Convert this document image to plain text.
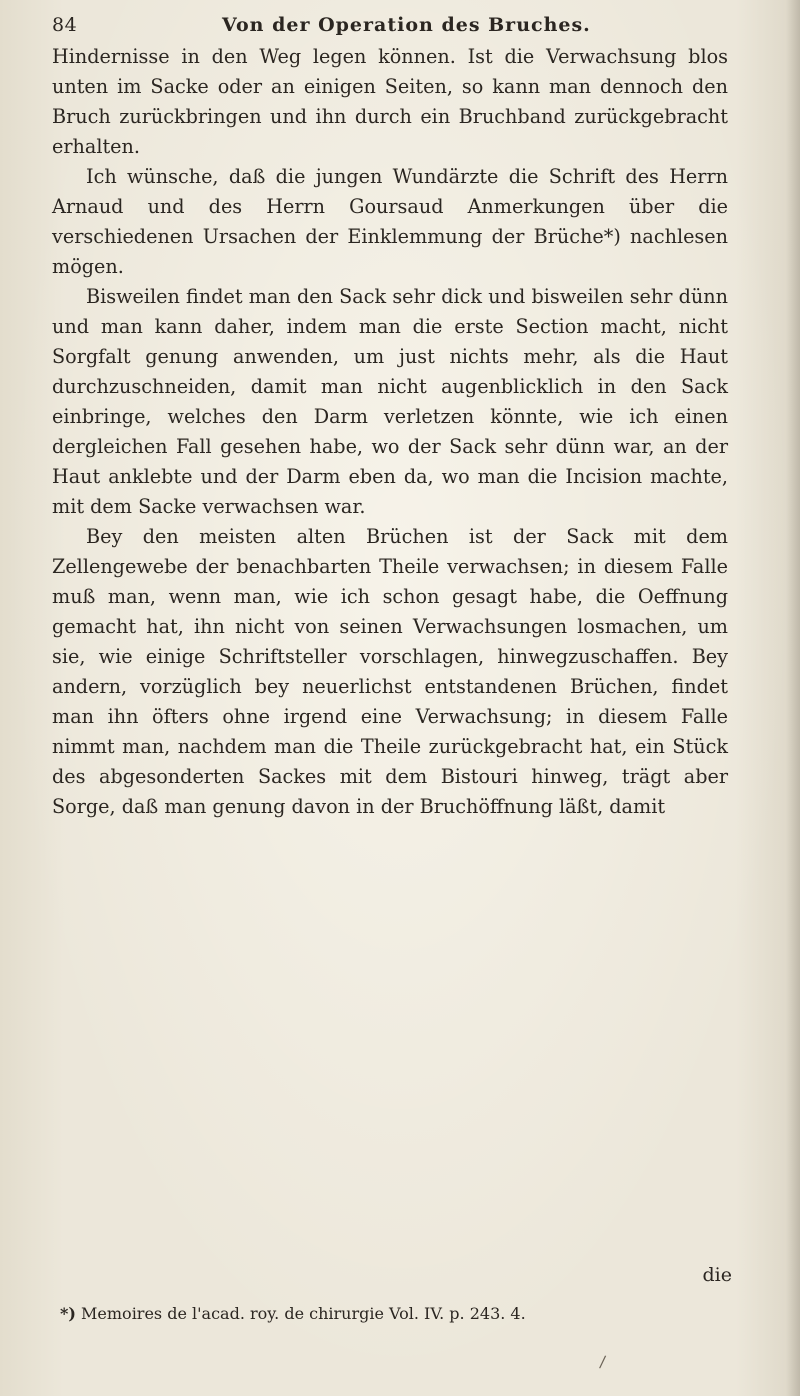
84	Von der Operation des Bruches.

Hindernisse in den Weg legen können. Ist die Verwachsung blos unten im Sacke oder an einigen Seiten, so kann man dennoch den Bruch zurückbringen und ihn durch ein Bruchband zurückgebracht erhalten.

Ich wünsche, daß die jungen Wundärzte die Schrift des Herrn Arnaud und des Herrn Goursaud Anmerkungen über die verschiedenen Ursachen der Einklemmung der Brüche*) nachlesen mögen.

Bisweilen findet man den Sack sehr dick und bisweilen sehr dünn und man kann daher, indem man die erste Section macht, nicht Sorgfalt genung anwenden, um just nichts mehr, als die Haut durchzuschneiden, damit man nicht augenblicklich in den Sack einbringe, welches den Darm verletzen könnte, wie ich einen dergleichen Fall gesehen habe, wo der Sack sehr dünn war, an der Haut anklebte und der Darm eben da, wo man die Incision machte, mit dem Sacke verwachsen war.

Bey den meisten alten Brüchen ist der Sack mit dem Zellengewebe der benachbarten Theile verwachsen; in diesem Falle muß man, wenn man, wie ich schon gesagt habe, die Oeffnung gemacht hat, ihn nicht von seinen Verwachsungen losmachen, um sie, wie einige Schriftsteller vorschlagen, hinwegzuschaffen. Bey andern, vorzüglich bey neuerlichst entstandenen Brüchen, findet man ihn öfters ohne irgend eine Verwachsung; in diesem Falle nimmt man, nachdem man die Theile zurückgebracht hat, ein Stück des abgesonderten Sackes mit dem Bistouri hinweg, trägt aber Sorge, daß man genung davon in der Bruchöffnung läßt, damit

die
*) Memoires de l'acad. roy. de chirurgie Vol. IV. p. 243. 4.
/
